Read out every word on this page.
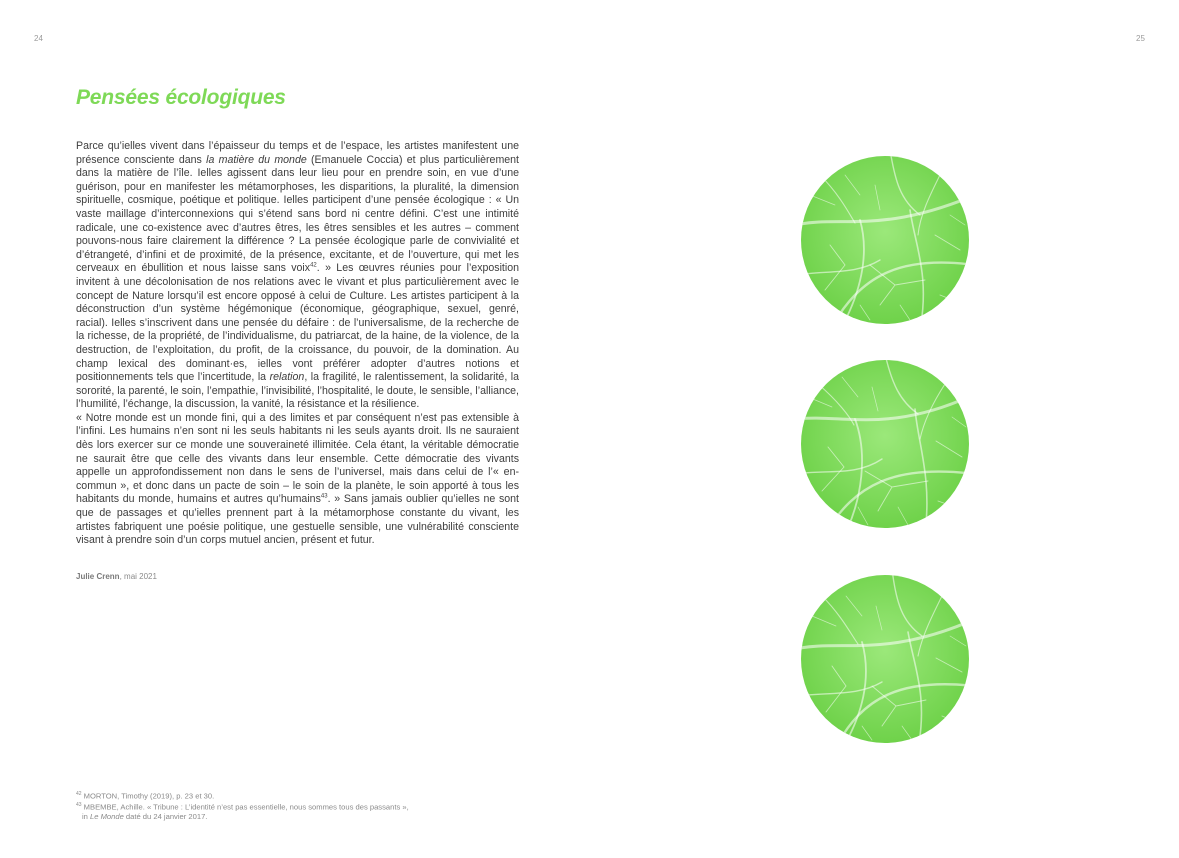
24	25
Pensées écologiques

Parce qu’ielles vivent dans l’épaisseur du temps et de l’espace, les artistes manifestent une présence consciente dans la matière du monde (Emanuele Coccia) et plus particulièrement dans la matière de l’île. Ielles agissent dans leur lieu pour en prendre soin, en vue d’une guérison, pour en manifester les métamorphoses, les disparitions, la pluralité, la dimension spirituelle, cosmique, poétique et politique. Ielles participent d’une pensée écologique : « Un vaste maillage d’interconnexions qui s’étend sans bord ni centre défini. C’est une intimité radicale, une co-existence avec d’autres êtres, les êtres sensibles et les autres – comment pouvons-nous faire clairement la différence ? La pensée écologique parle de convivialité et d’étrangeté, d’infini et de proximité, de la présence, excitante, et de l’ouverture, qui met les cerveaux en ébullition et nous laisse sans voix$^{42}$. » Les œuvres réunies pour l’exposition invitent à une décolonisation de nos relations avec le vivant et plus particulièrement avec le concept de Nature lorsqu’il est encore opposé à celui de Culture. Les artistes participent à la déconstruction d’un système hégémonique (économique, géographique, sexuel, genré, racial). Ielles s’inscrivent dans une pensée du défaire : de l’universalisme, de la recherche de la richesse, de la propriété, de l’individualisme, du patriarcat, de la haine, de la violence, de la destruction, de l’exploitation, du profit, de la croissance, du pouvoir, de la domination. Au champ lexical des dominant·es, ielles vont préférer adopter d’autres notions et positionnements tels que l’incertitude, la relation, la fragilité, le ralentissement, la solidarité, la sororité, la parenté, le soin, l’empathie, l’invisibilité, l’hospitalité, le doute, le sensible, l’alliance, l’humilité, l’échange, la discussion, la vanité, la résistance et la résilience.

« Notre monde est un monde fini, qui a des limites et par conséquent n’est pas extensible à l’infini. Les humains n’en sont ni les seuls habitants ni les seuls ayants droit. Ils ne sauraient dès lors exercer sur ce monde une souveraineté illimitée. Cela étant, la véritable démocratie ne saurait être que celle des vivants dans leur ensemble. Cette démocratie des vivants appelle un approfondissement non dans le sens de l’universel, mais dans celui de l’« en-commun », et donc dans un pacte de soin – le soin de la planète, le soin apporté à tous les habitants du monde, humains et autres qu’humains$^{43}$. » Sans jamais oublier qu’ielles ne sont que de passages et qu’ielles prennent part à la métamorphose constante du vivant, les artistes fabriquent une poésie politique, une gestuelle sensible, une vulnérabilité consciente visant à prendre soin d’un corps mutuel ancien, présent et futur.

Julie Crenn, mai 2021

$^{42}$ MORTON, Timothy (2019), p. 23 et 30.

$^{43}$ MBEMBE, Achille. « Tribune : L’identité n’est pas essentielle, nous sommes tous des passants »,

in Le Monde daté du 24 janvier 2017.
